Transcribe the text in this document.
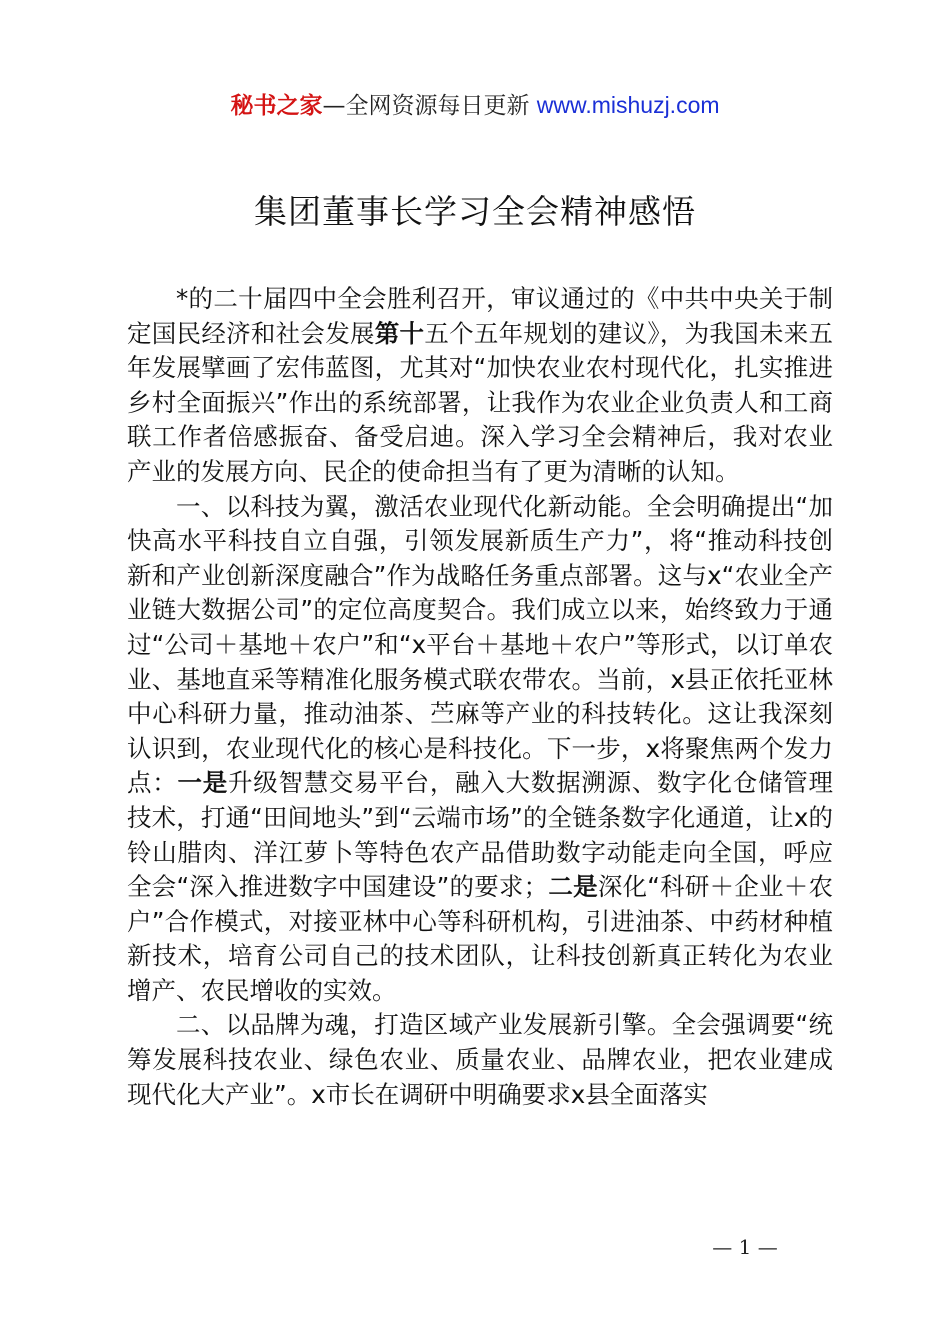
秘书之家—全网资源每日更新 www.mishuzj.com
集团董事长学习全会精神感悟

*的二十届四中全会胜利召开，审议通过的《中共中央关于制定国民经济和社会发展第十五个五年规划的建议》，为我国未来五年发展擘画了宏伟蓝图，尤其对“加快农业农村现代化，扎实推进乡村全面振兴”作出的系统部署，让我作为农业企业负责人和工商联工作者倍感振奋、备受启迪。深入学习全会精神后，我对农业产业的发展方向、民企的使命担当有了更为清晰的认知。

一、以科技为翼，激活农业现代化新动能。全会明确提出“加快高水平科技自立自强，引领发展新质生产力”，将“推动科技创新和产业创新深度融合”作为战略任务重点部署。这与x“农业全产业链大数据公司”的定位高度契合。我们成立以来，始终致力于通过“公司＋基地＋农户”和“x平台＋基地＋农户”等形式，以订单农业、基地直采等精准化服务模式联农带农。当前，x县正依托亚林中心科研力量，推动油茶、苎麻等产业的科技转化。这让我深刻认识到，农业现代化的核心是科技化。下一步，x将聚焦两个发力点：一是升级智慧交易平台，融入大数据溯源、数字化仓储管理技术，打通“田间地头”到“云端市场”的全链条数字化通道，让x的铃山腊肉、洋江萝卜等特色农产品借助数字动能走向全国，呼应全会“深入推进数字中国建设”的要求；二是深化“科研＋企业＋农户”合作模式，对接亚林中心等科研机构，引进油茶、中药材种植新技术，培育公司自己的技术团队，让科技创新真正转化为农业增产、农民增收的实效。

二、以品牌为魂，打造区域产业发展新引擎。全会强调要“统筹发展科技农业、绿色农业、质量农业、品牌农业，把农业建成现代化大产业”。x市长在调研中明确要求x县全面落实

— 1 —
